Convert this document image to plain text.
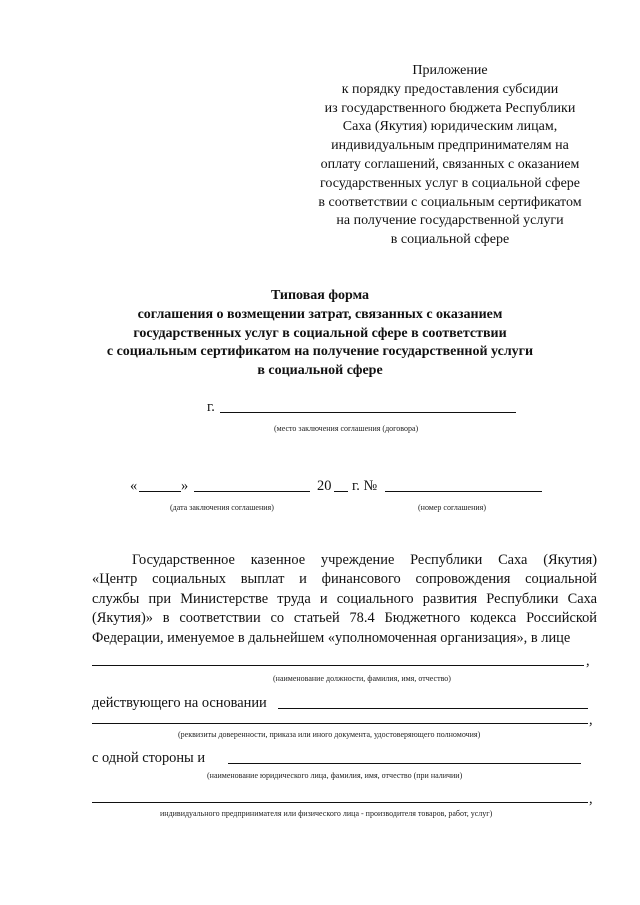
Приложение
к порядку предоставления субсидии
из государственного бюджета Республики
Саха (Якутия) юридическим лицам,
индивидуальным предпринимателям на
оплату соглашений, связанных с оказанием
государственных услуг в социальной сфере
в соответствии с социальным сертификатом
на получение государственной услуги
в социальной сфере
Типовая форма
соглашения о возмещении затрат, связанных с оказанием
государственных услуг в социальной сфере в соответствии
с социальным сертификатом на получение государственной услуги
в социальной сфере
г.
(место заключения соглашения (договора)
«	»	20 г. №
(дата заключения соглашения)	(номер соглашения)
Государственное казенное учреждение Республики Саха (Якутия)
«Центр социальных выплат и финансового сопровождения социальной
службы при Министерстве труда и социального развития Республики Саха
(Якутия)» в соответствии со статьей 78.4 Бюджетного кодекса Российской
Федерации, именуемое в дальнейшем «уполномоченная организация», в лице
,
(наименование должности, фамилия, имя, отчество)
действующего на основании
,
(реквизиты доверенности, приказа или иного документа, удостоверяющего полномочия)
с одной стороны и
(наименование юридического лица, фамилия, имя, отчество (при наличии)
,
индивидуального предпринимателя или физического лица - производителя товаров, работ, услуг)
